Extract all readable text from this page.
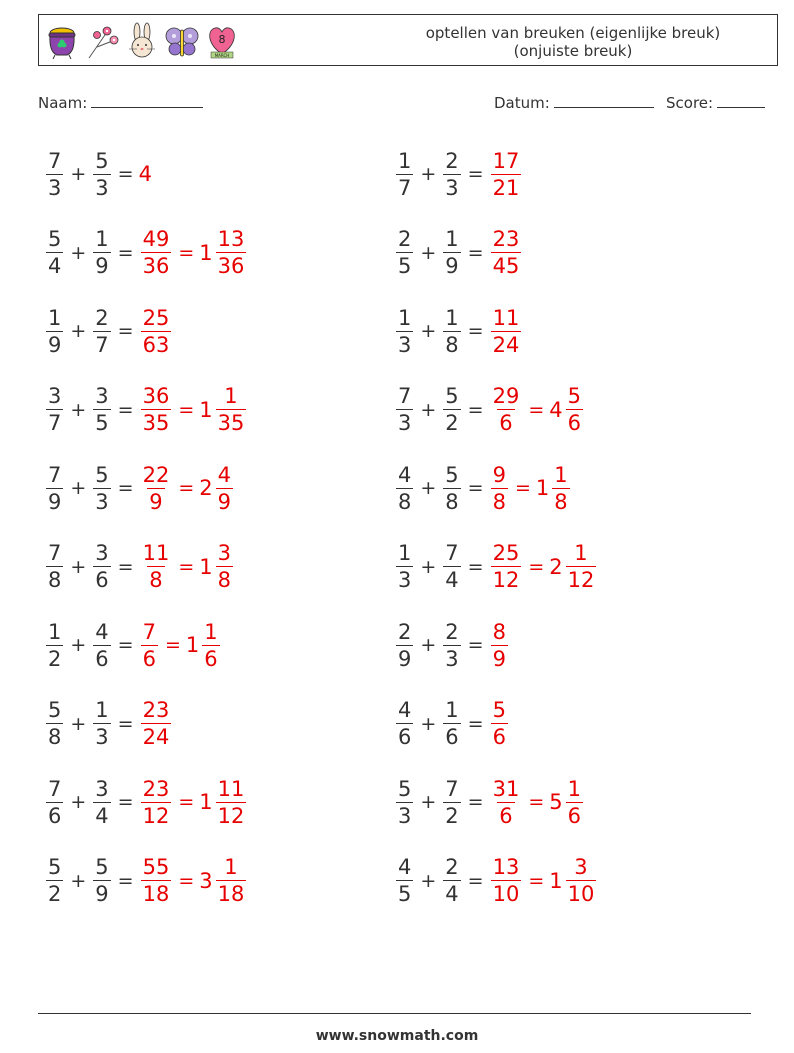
8
MARCH
optellen van breuken (eigenlijke breuk)
(onjuiste breuk)
Naam:	Datum:	Score:
$\frac{7}{3} + \frac{5}{3} = 4$	$\frac{1}{7} + \frac{2}{3} = \frac{17}{21}$
$\frac{5}{4} + \frac{1}{9} = \frac{49}{36} = 1 \frac{13}{36}$	$\frac{2}{5} + \frac{1}{9} = \frac{23}{45}$
$\frac{1}{9} + \frac{2}{7} = \frac{25}{63}$	$\frac{1}{3} + \frac{1}{8} = \frac{11}{24}$
$\frac{3}{7} + \frac{3}{5} = \frac{36}{35} = 1 \frac{1}{35}$	$\frac{7}{3} + \frac{5}{2} = \frac{29}{6} = 4 \frac{5}{6}$
$\frac{7}{9} + \frac{5}{3} = \frac{22}{9} = 2 \frac{4}{9}$	$\frac{4}{8} + \frac{5}{8} = \frac{9}{8} = 1 \frac{1}{8}$
$\frac{7}{8} + \frac{3}{6} = \frac{11}{8} = 1 \frac{3}{8}$	$\frac{1}{3} + \frac{7}{4} = \frac{25}{12} = 2 \frac{1}{12}$
$\frac{1}{2} + \frac{4}{6} = \frac{7}{6} = 1 \frac{1}{6}$	$\frac{2}{9} + \frac{2}{3} = \frac{8}{9}$
$\frac{5}{8} + \frac{1}{3} = \frac{23}{24}$	$\frac{4}{6} + \frac{1}{6} = \frac{5}{6}$
$\frac{7}{6} + \frac{3}{4} = \frac{23}{12} = 1 \frac{11}{12}$	$\frac{5}{3} + \frac{7}{2} = \frac{31}{6} = 5 \frac{1}{6}$
$\frac{5}{2} + \frac{5}{9} = \frac{55}{18} = 3 \frac{1}{18}$	$\frac{4}{5} + \frac{2}{4} = \frac{13}{10} = 1 \frac{3}{10}$
www.snowmath.com
